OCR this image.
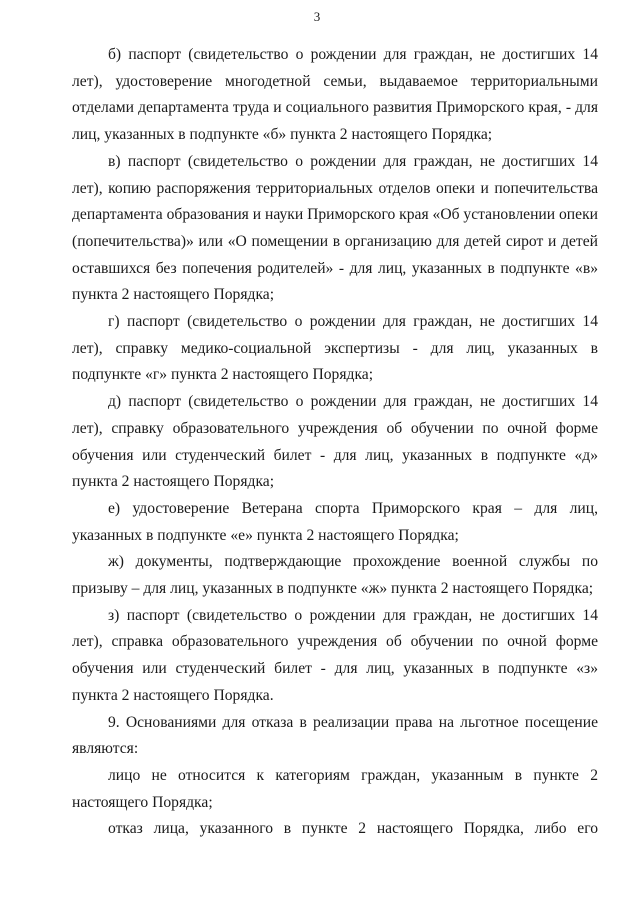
3

б) паспорт (свидетельство о рождении для граждан, не достигших 14 лет), удостоверение многодетной семьи, выдаваемое территориальными отделами департамента труда и социального развития Приморского края, - для лиц, указанных в подпункте «б» пункта 2 настоящего Порядка;

в) паспорт (свидетельство о рождении для граждан, не достигших 14 лет), копию распоряжения территориальных отделов опеки и попечительства департамента образования и науки Приморского края «Об установлении опеки (попечительства)» или «О помещении в организацию для детей сирот и детей оставшихся без попечения родителей» - для лиц, указанных в подпункте «в» пункта 2 настоящего Порядка;

г) паспорт (свидетельство о рождении для граждан, не достигших 14 лет), справку медико-социальной экспертизы - для лиц, указанных в подпункте «г» пункта 2 настоящего Порядка;

д) паспорт (свидетельство о рождении для граждан, не достигших 14 лет), справку образовательного учреждения об обучении по очной форме обучения или студенческий билет - для лиц, указанных в подпункте «д» пункта 2 настоящего Порядка;

е) удостоверение Ветерана спорта Приморского края – для лиц, указанных в подпункте «е» пункта 2 настоящего Порядка;

ж) документы, подтверждающие прохождение военной службы по призыву – для лиц, указанных в подпункте «ж» пункта 2 настоящего Порядка;

з) паспорт (свидетельство о рождении для граждан, не достигших 14 лет), справка образовательного учреждения об обучении по очной форме обучения или студенческий билет - для лиц, указанных в подпункте «з» пункта 2 настоящего Порядка.

9. Основаниями для отказа в реализации права на льготное посещение являются:

лицо не относится к категориям граждан, указанным в пункте 2 настоящего Порядка;

отказ лица, указанного в пункте 2 настоящего Порядка, либо его
